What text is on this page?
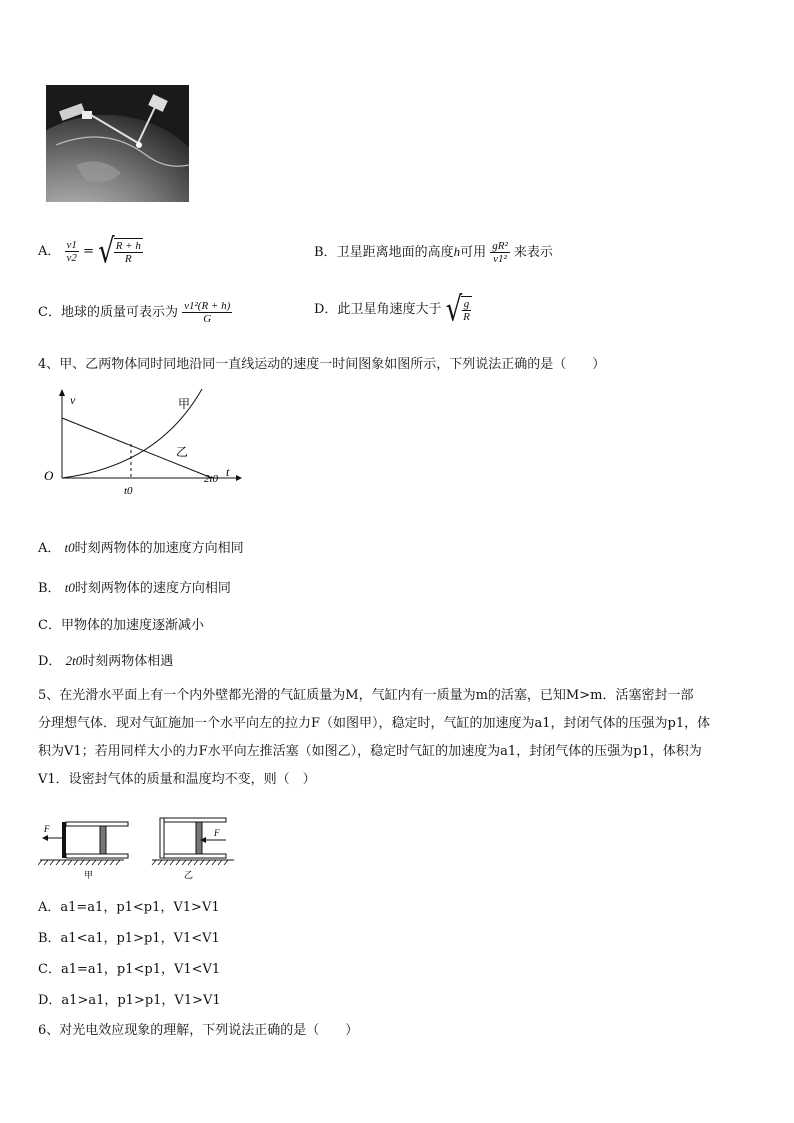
A． $\frac{v1}{v2}$ = √ $\frac{R + h}{R}$	B．卫星距离地面的高度h可用 $\frac{\text{gR²}}{\text{v1²}}$ 来表示
C．地球的质量可表示为 $\frac{\text{v1²(R + h)}}{G}$	D．此卫星角速度大于 √ $\frac{g}{R}$
4、甲、乙两物体同时同地沿同一直线运动的速度一时间图象如图所示，下列说法正确的是（　　）
v
t
O
t0
2t0
甲
乙
A． t0时刻两物体的加速度方向相同
B． t0时刻两物体的速度方向相同
C．甲物体的加速度逐渐减小
D． 2t0时刻两物体相遇
5、在光滑水平面上有一个内外壁都光滑的气缸质量为M，气缸内有一质量为m的活塞，已知M>m．活塞密封一部
分理想气体．现对气缸施加一个水平向左的拉力F（如图甲），稳定时，气缸的加速度为a1，封闭气体的压强为p1，体
积为V1；若用同样大小的力F水平向左推活塞（如图乙），稳定时气缸的加速度为a1，封闭气体的压强为p1，体积为
V1．设密封气体的质量和温度均不变，则（　）
F
甲
F
乙
A．a1=a1，p1<p1，V1>V1
B．a1<a1，p1>p1，V1<V1
C．a1=a1，p1<p1，V1<V1
D．a1>a1，p1>p1，V1>V1
6、对光电效应现象的理解，下列说法正确的是（　　）
